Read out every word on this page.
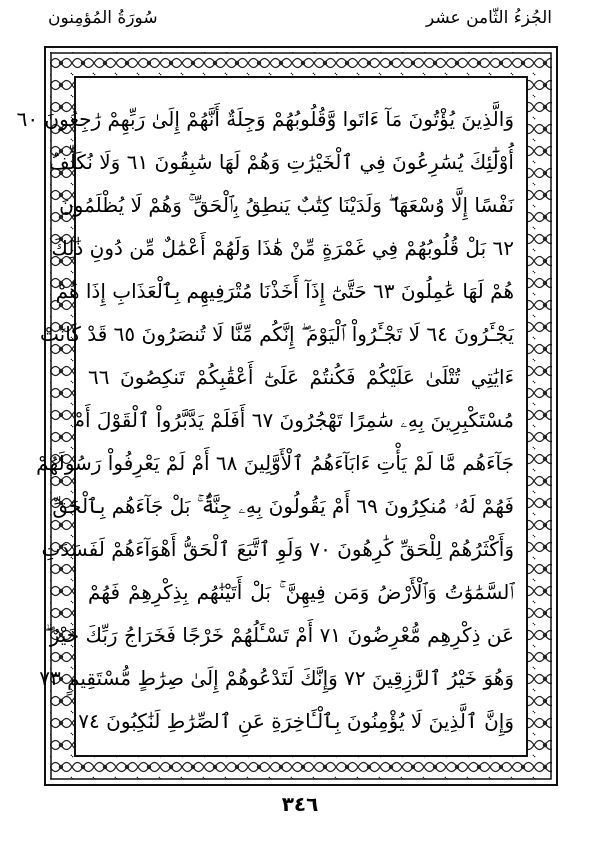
الجُزءُ الثّامن عشر
سُورَةُ المُؤمِنون
وَالَّذِينَ يُؤْتُونَ مَآ ءَاتَوا وَّقُلُوبُهُمْ وَجِلَةٌ أَنَّهُمْ إِلَىٰ رَبِّهِمْ رَٰجِعُونَ ٦٠
أُوْلَٰٓئِكَ يُسَٰرِعُونَ فِي ٱلْخَيْرَٰتِ وَهُمْ لَهَا سَٰبِقُونَ ٦١ وَلَا نُكَلِّفُ
نَفْسًا إِلَّا وُسْعَهَا ۖ وَلَدَيْنَا كِتَٰبٌ يَنطِقُ بِٱلْحَقِّ ۚ وَهُمْ لَا يُظْلَمُونَ
٦٢ بَلْ قُلُوبُهُمْ فِي غَمْرَةٍ مِّنْ هَٰذَا وَلَهُمْ أَعْمَٰلٌ مِّن دُونِ ذَٰلِكَ
هُمْ لَهَا عَٰمِلُونَ ٦٣ حَتَّىٰٓ إِذَآ أَخَذْنَا مُتْرَفِيهِم بِٱلْعَذَابِ إِذَا هُمْ
يَجْـَٔرُونَ ٦٤ لَا تَجْـَٔرُواْ ٱلْيَوْمَ ۖ إِنَّكُم مِّنَّا لَا تُنصَرُونَ ٦٥ قَدْ كَانَتْ
ءَايَٰتِي تُتْلَىٰ عَلَيْكُمْ فَكُنتُمْ عَلَىٰٓ أَعْقَٰبِكُمْ تَنكِصُونَ ٦٦
مُسْتَكْبِرِينَ بِهِۦ سَٰمِرًا تَهْجُرُونَ ٦٧ أَفَلَمْ يَدَّبَّرُواْ ٱلْقَوْلَ أَمْ
جَآءَهُم مَّا لَمْ يَأْتِ ءَابَآءَهُمُ ٱلْأَوَّلِينَ ٦٨ أَمْ لَمْ يَعْرِفُواْ رَسُولَهُمْ
فَهُمْ لَهُۥ مُنكِرُونَ ٦٩ أَمْ يَقُولُونَ بِهِۦ جِنَّةٌۢ ۚ بَلْ جَآءَهُم بِٱلْحَقِّ
وَأَكْثَرُهُمْ لِلْحَقِّ كَٰرِهُونَ ٧٠ وَلَوِ ٱتَّبَعَ ٱلْحَقُّ أَهْوَآءَهُمْ لَفَسَدَتِ
ٱلسَّمَٰوَٰتُ وَٱلْأَرْضُ وَمَن فِيهِنَّ ۚ بَلْ أَتَيْنَٰهُم بِذِكْرِهِمْ فَهُمْ
عَن ذِكْرِهِم مُّعْرِضُونَ ٧١ أَمْ تَسْـَٔلُهُمْ خَرْجًا فَخَرَاجُ رَبِّكَ خَيْرٌ ۖ
وَهُوَ خَيْرُ ٱلرَّٰزِقِينَ ٧٢ وَإِنَّكَ لَتَدْعُوهُمْ إِلَىٰ صِرَٰطٍ مُّسْتَقِيمٍ ٧٣
وَإِنَّ ٱلَّذِينَ لَا يُؤْمِنُونَ بِٱلْـَٔاخِرَةِ عَنِ ٱلصِّرَٰطِ لَنَٰكِبُونَ ٧٤
٣٤٦
